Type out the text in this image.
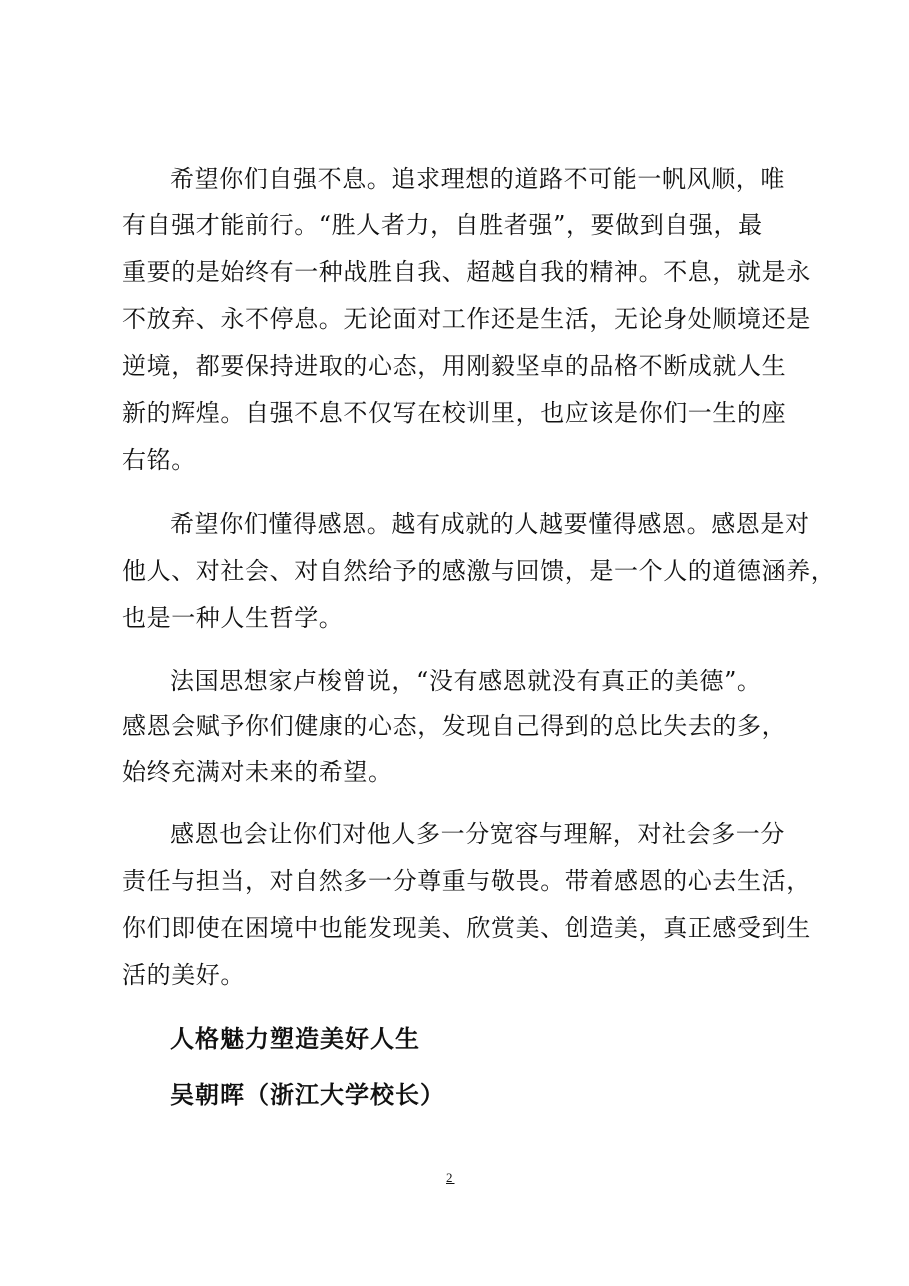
希望你们自强不息。追求理想的道路不可能一帆风顺，唯
有自强才能前行。“胜人者力，自胜者强”，要做到自强，最
重要的是始终有一种战胜自我、超越自我的精神。不息，就是永
不放弃、永不停息。无论面对工作还是生活，无论身处顺境还是
逆境，都要保持进取的心态，用刚毅坚卓的品格不断成就人生
新的辉煌。自强不息不仅写在校训里，也应该是你们一生的座
右铭。
希望你们懂得感恩。越有成就的人越要懂得感恩。感恩是对
他人、对社会、对自然给予的感激与回馈，是一个人的道德涵养，
也是一种人生哲学。
法国思想家卢梭曾说，“没有感恩就没有真正的美德”。
感恩会赋予你们健康的心态，发现自己得到的总比失去的多，
始终充满对未来的希望。
感恩也会让你们对他人多一分宽容与理解，对社会多一分
责任与担当，对自然多一分尊重与敬畏。带着感恩的心去生活，
你们即使在困境中也能发现美、欣赏美、创造美，真正感受到生
活的美好。
人格魅力塑造美好人生
吴朝晖（浙江大学校长）
2
